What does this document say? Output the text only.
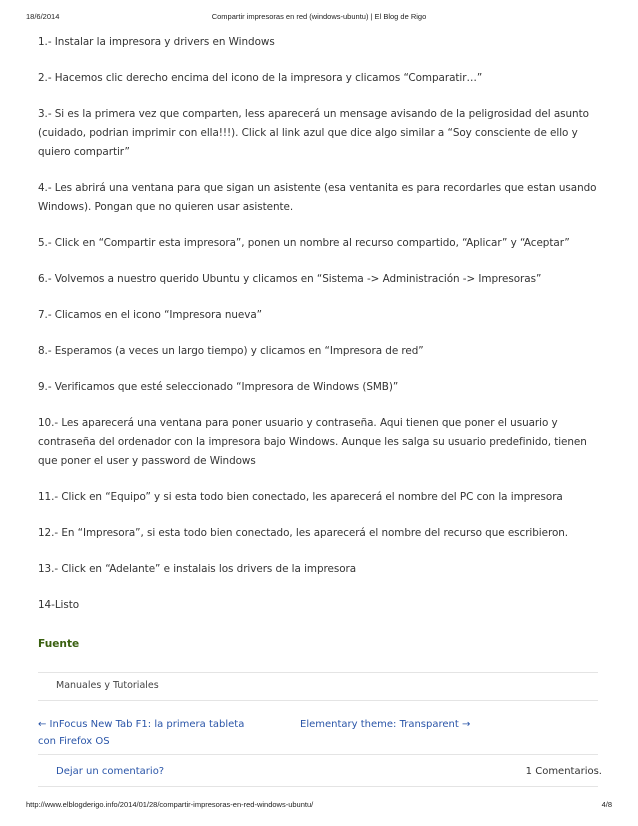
18/6/2014	Compartir impresoras en red (windows-ubuntu) | El Blog de Rigo

1.- Instalar la impresora y drivers en Windows

2.- Hacemos clic derecho encima del icono de la impresora y clicamos “Comparatir…”

3.- Si es la primera vez que comparten, less aparecerá un mensage avisando de la peligrosidad del asunto (cuidado, podrian imprimir con ella!!!). Click al link azul que dice algo similar a “Soy consciente de ello y quiero compartir”

4.- Les abrirá una ventana para que sigan un asistente (esa ventanita es para recordarles que estan usando Windows). Pongan que no quieren usar asistente.

5.- Click en “Compartir esta impresora”, ponen un nombre al recurso compartido, “Aplicar” y “Aceptar”

6.- Volvemos a nuestro querido Ubuntu y clicamos en “Sistema -> Administración -> Impresoras”

7.- Clicamos en el icono “Impresora nueva”

8.- Esperamos (a veces un largo tiempo) y clicamos en “Impresora de red”

9.- Verificamos que esté seleccionado “Impresora de Windows (SMB)”

10.- Les aparecerá una ventana para poner usuario y contraseña. Aqui tienen que poner el usuario y contraseña del ordenador con la impresora bajo Windows. Aunque les salga su usuario predefinido, tienen que poner el user y password de Windows

11.- Click en “Equipo” y si esta todo bien conectado, les aparecerá el nombre del PC con la impresora

12.- En “Impresora”, si esta todo bien conectado, les aparecerá el nombre del recurso que escribieron.

13.- Click en “Adelante” e instalais los drivers de la impresora

14-Listo

Fuente
Manuales y Tutoriales
← InFocus New Tab F1: la primera tableta con Firefox OS
Elementary theme: Transparent →
Dejar un comentario?	1 Comentarios.
http://www.elblogderigo.info/2014/01/28/compartir-impresoras-en-red-windows-ubuntu/	4/8
